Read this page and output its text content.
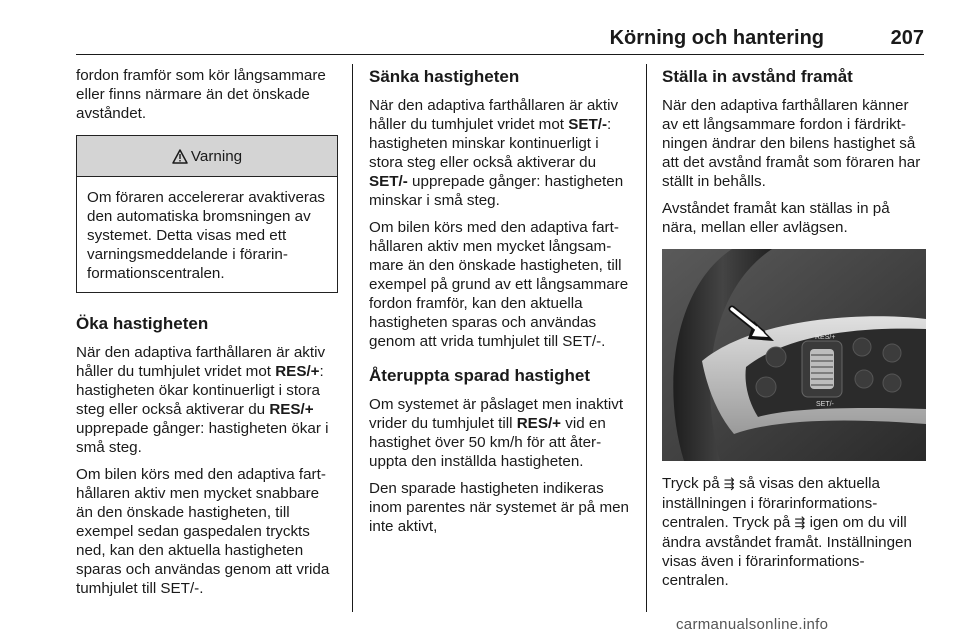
Körning och hantering	207

fordon framför som kör långsammare eller finns närmare än det önskade avståndet.

Varning
Om föraren accelererar avaktiveras den automatiska bromsningen av systemet. Detta visas med ett varningsmeddelande i förarinformationscentralen.
Öka hastigheten

När den adaptiva farthållaren är aktiv håller du tumhjulet vridet mot RES/+: hastigheten ökar kontinuerligt i stora steg eller också aktiverar du RES/+ upprepade gånger: hastigheten ökar i små steg.

Om bilen körs med den adaptiva farthållaren aktiv men mycket snabbare än den önskade hastigheten, till exempel sedan gaspedalen tryckts ned, kan den aktuella hastigheten sparas och användas genom att vrida tumhjulet till SET/-.

Sänka hastigheten

När den adaptiva farthållaren är aktiv håller du tumhjulet vridet mot SET/-: hastigheten minskar kontinuerligt i stora steg eller också aktiverar du SET/- upprepade gånger: hastigheten minskar i små steg.

Om bilen körs med den adaptiva farthållaren aktiv men mycket långsammare än den önskade hastigheten, till exempel på grund av ett långsammare fordon framför, kan den aktuella hastigheten sparas och användas genom att vrida tumhjulet till SET/-.

Återuppta sparad hastighet

Om systemet är påslaget men inaktivt vrider du tumhjulet till RES/+ vid en hastighet över 50 km/h för att återuppta den inställda hastigheten.

Den sparade hastigheten indikeras inom parentes när systemet är på men inte aktivt,

Ställa in avstånd framåt

När den adaptiva farthållaren känner av ett långsammare fordon i färdriktningen ändrar den bilens hastighet så att det avstånd framåt som föraren har ställt in behålls.

Avståndet framåt kan ställas in på nära, mellan eller avlägsen.

RES/+
SET/-

Tryck på ⇶ så visas den aktuella inställningen i förarinformationscentralen. Tryck på ⇶ igen om du vill ändra avståndet framåt. Inställningen visas även i förarinformationscentralen.

carmanualsonline.info
